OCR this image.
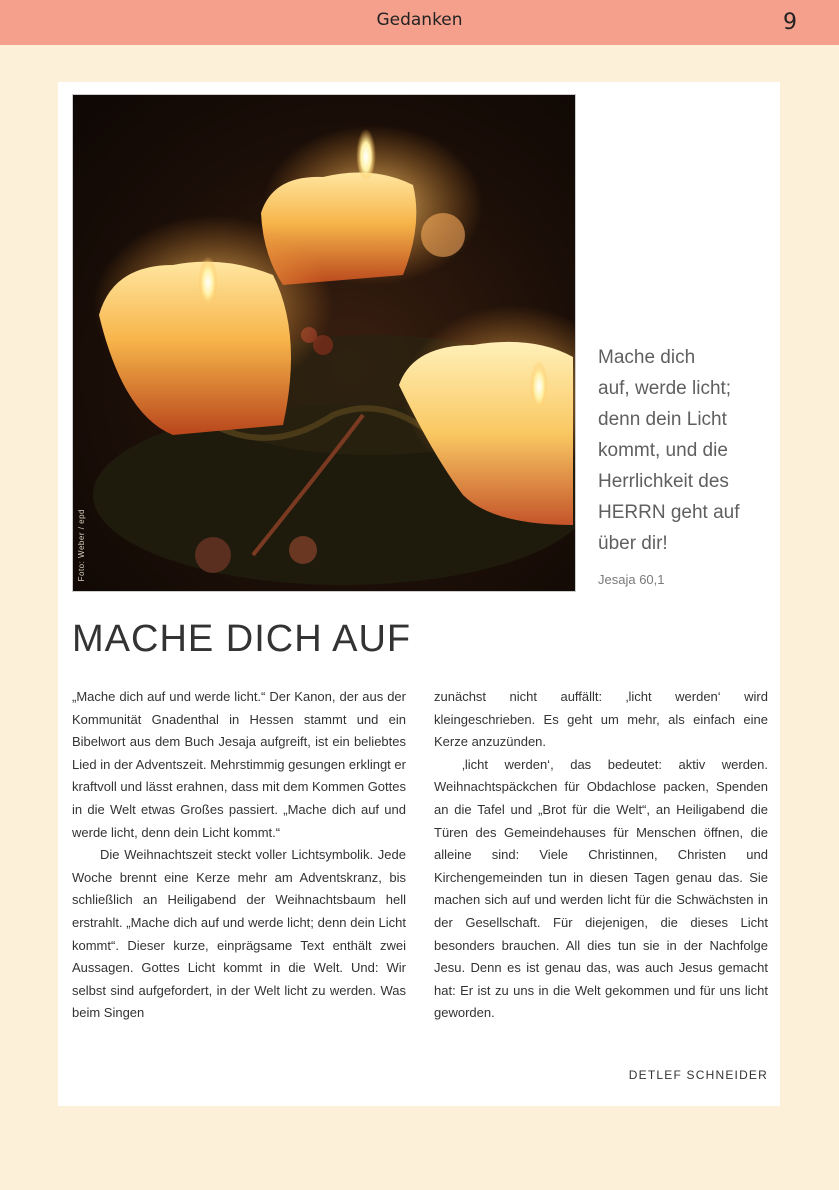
Gedanken	9
Foto: Weber / epd
Mache dich
auf, werde licht;
denn dein Licht
kommt, und die
Herrlichkeit des
HERRN geht auf
über dir!
Jesaja 60,1
MACHE DICH AUF

„Mache dich auf und werde licht.“ Der Kanon, der aus der Kommunität Gnadenthal in Hessen stammt und ein Bibelwort aus dem Buch Jesaja aufgreift, ist ein beliebtes Lied in der Adventszeit. Mehrstimmig gesungen erklingt er kraftvoll und lässt erahnen, dass mit dem Kommen Gottes in die Welt etwas Großes passiert. „Mache dich auf und werde licht, denn dein Licht kommt.“

Die Weihnachtszeit steckt voller Lichtsymbolik. Jede Woche brennt eine Kerze mehr am Adventskranz, bis schließlich an Heiligabend der Weihnachtsbaum hell erstrahlt. „Mache dich auf und werde licht; denn dein Licht kommt“. Dieser kurze, einprägsame Text enthält zwei Aussagen. Gottes Licht kommt in die Welt. Und: Wir selbst sind aufgefordert, in der Welt licht zu werden. Was beim Singen

zunächst nicht auffällt: ‚licht werden‘ wird kleingeschrieben. Es geht um mehr, als einfach eine Kerze anzuzünden.

‚licht werden‘, das bedeutet: aktiv werden. Weihnachtspäckchen für Obdachlose packen, Spenden an die Tafel und „Brot für die Welt“, an Heiligabend die Türen des Gemeindehauses für Menschen öffnen, die alleine sind: Viele Christinnen, Christen und Kirchengemeinden tun in diesen Tagen genau das. Sie machen sich auf und werden licht für die Schwächsten in der Gesellschaft. Für diejenigen, die dieses Licht besonders brauchen. All dies tun sie in der Nachfolge Jesu. Denn es ist genau das, was auch Jesus gemacht hat: Er ist zu uns in die Welt gekommen und für uns licht geworden.

DETLEF SCHNEIDER
